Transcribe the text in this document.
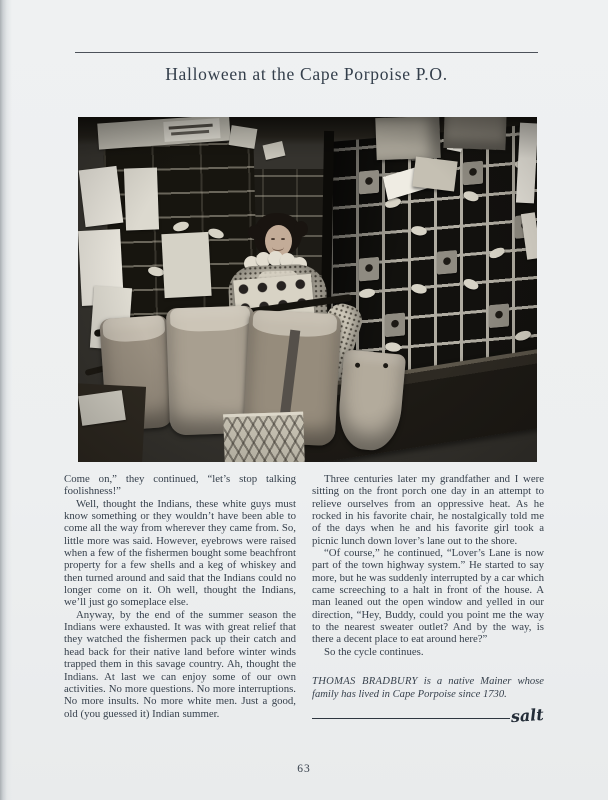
Halloween at the Cape Porpoise P.O.

Come on,” they continued, “let’s stop talking foolishness!”

Well, thought the Indians, these white guys must know something or they wouldn’t have been able to come all the way from wherever they came from. So, little more was said. However, eyebrows were raised when a few of the fishermen bought some beachfront property for a few shells and a keg of whiskey and then turned around and said that the Indians could no longer come on it. Oh well, thought the Indians, we’ll just go someplace else.

Anyway, by the end of the summer season the Indians were exhausted. It was with great relief that they watched the fishermen pack up their catch and head back for their native land before winter winds trapped them in this savage country. Ah, thought the Indians. At last we can enjoy some of our own activities. No more questions. No more interruptions. No more insults. No more white men. Just a good, old (you guessed it) Indian summer.

Three centuries later my grandfather and I were sitting on the front porch one day in an attempt to relieve ourselves from an oppressive heat. As he rocked in his favorite chair, he nostalgically told me of the days when he and his favorite girl took a picnic lunch down lover’s lane out to the shore.

“Of course,” he continued, “Lover’s Lane is now part of the town highway system.” He started to say more, but he was suddenly interrupted by a car which came screeching to a halt in front of the house. A man leaned out the open window and yelled in our direction, “Hey, Buddy, could you point me the way to the nearest sweater outlet? And by the way, is there a decent place to eat around here?”

So the cycle continues.

THOMAS BRADBURY is a native Mainer whose family has lived in Cape Porpoise since 1730.

salt
63
